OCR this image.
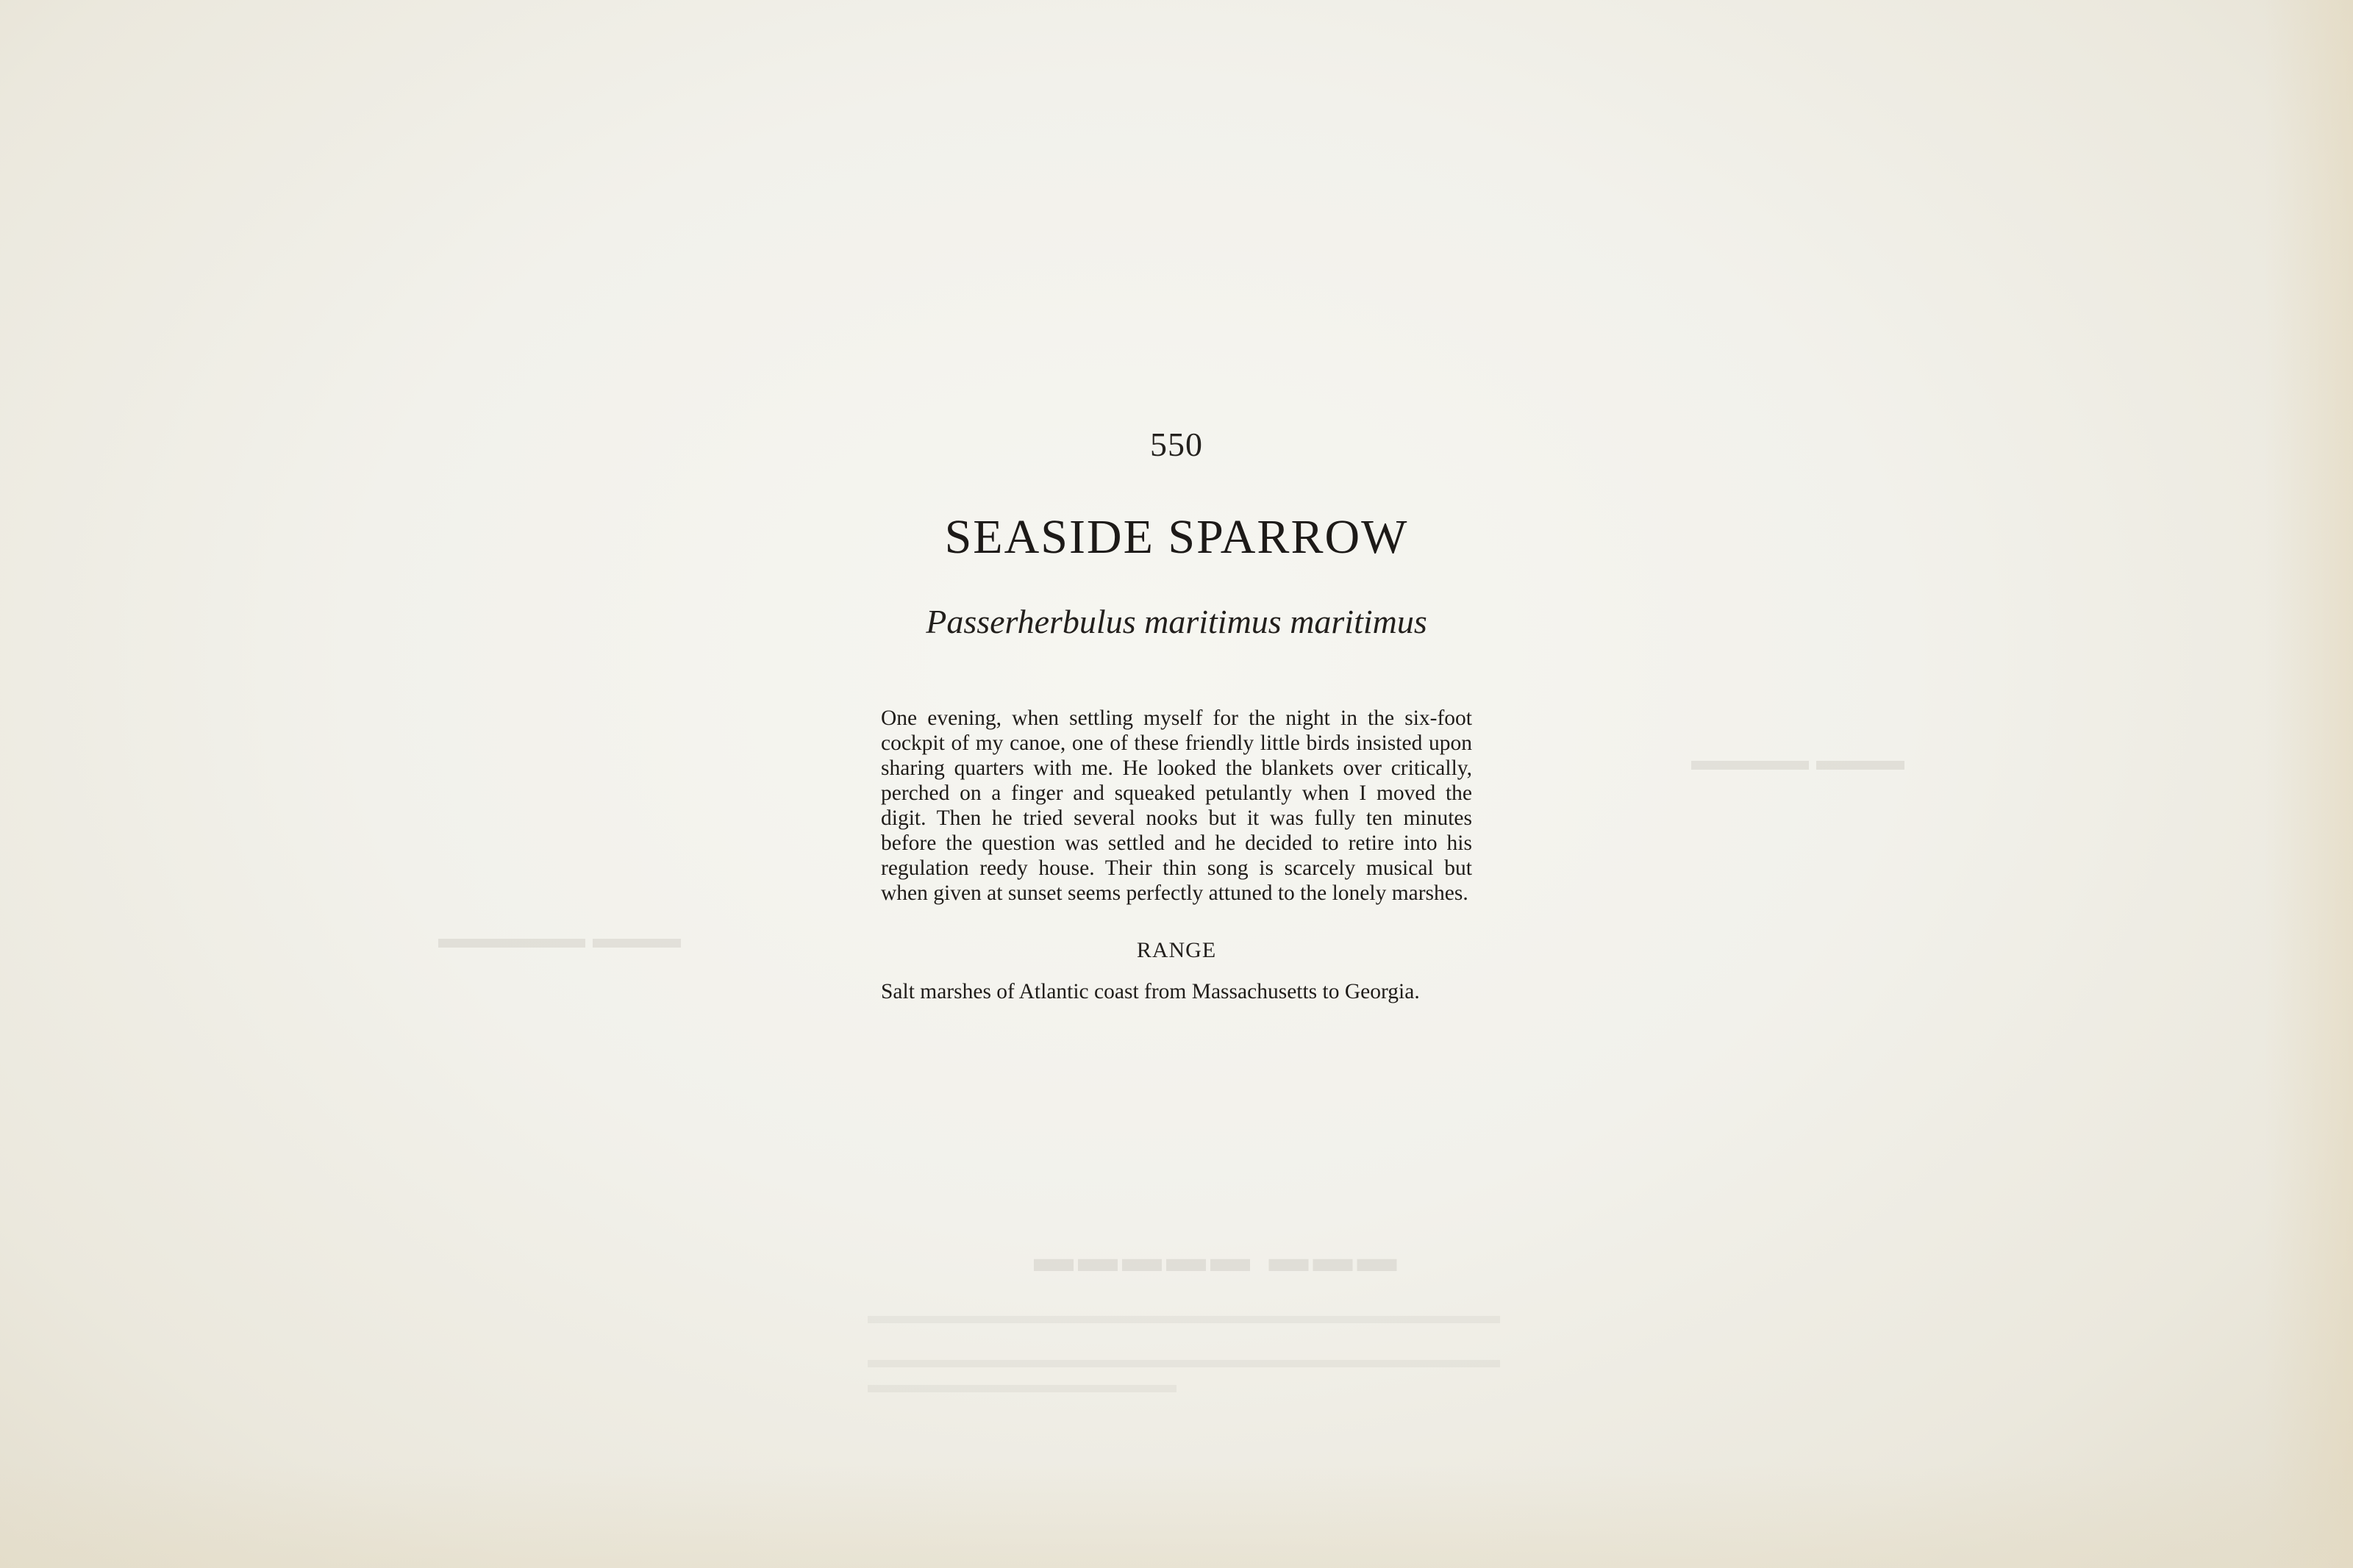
▬▬▬ ▬▬▬▬
▬▬▬ ▬▬▬▬▬
▬▬▬ ▬▬▬▬▬
550
SEASIDE SPARROW
Passerherbulus maritimus maritimus

One evening, when settling myself for the night in the six-foot cockpit of my canoe, one of these friendly little birds insisted upon sharing quarters with me. He looked the blankets over critically, perched on a finger and squeaked petulantly when I moved the digit. Then he tried several nooks but it was fully ten minutes before the question was settled and he decided to retire into his regulation reedy house. Their thin song is scarcely musical but when given at sunset seems perfectly attuned to the lonely marshes.

RANGE

Salt marshes of Atlantic coast from Massachusetts to Georgia.
